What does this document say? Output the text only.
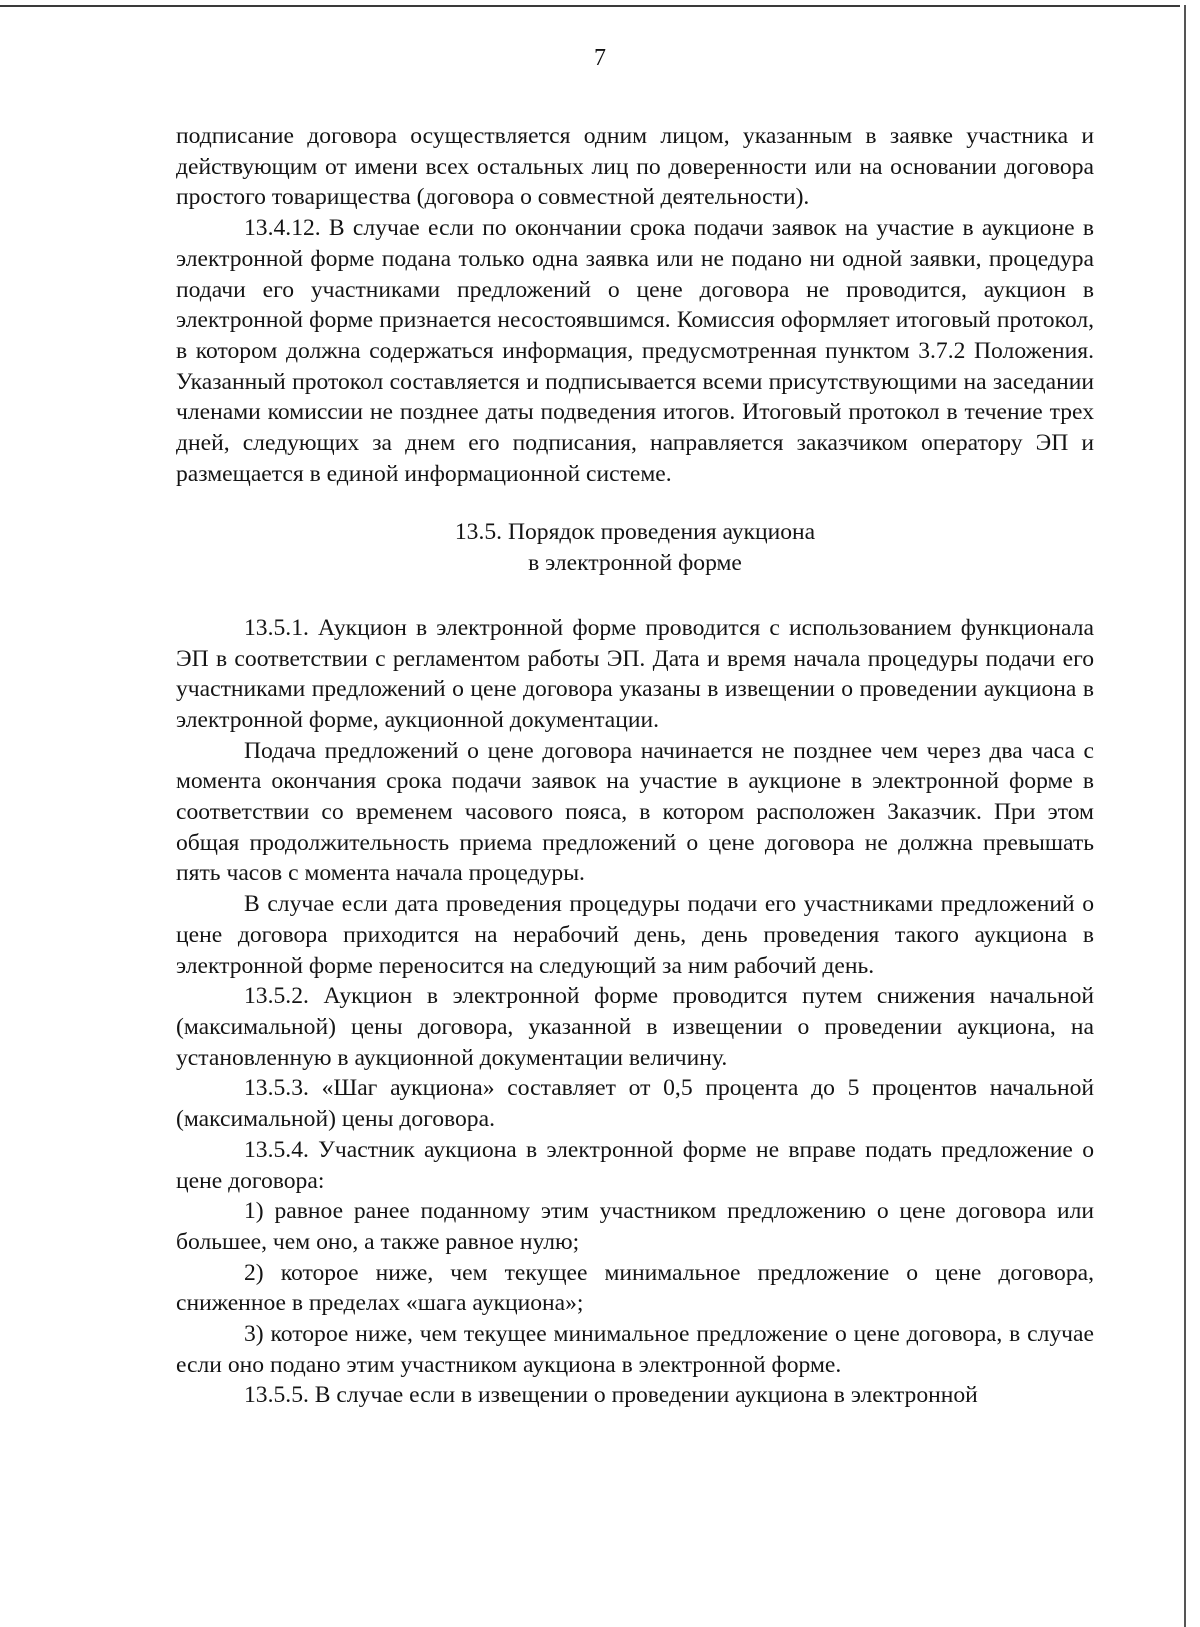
7

подписание договора осуществляется одним лицом, указанным в заявке участника и действующим от имени всех остальных лиц по доверенности или на основании договора простого товарищества (договора о совместной деятельности).

13.4.12. В случае если по окончании срока подачи заявок на участие в аукционе в электронной форме подана только одна заявка или не подано ни одной заявки, процедура подачи его участниками предложений о цене договора не проводится, аукцион в электронной форме признается несостоявшимся. Комиссия оформляет итоговый протокол, в котором должна содержаться информация, предусмотренная пунктом 3.7.2 Положения. Указанный протокол составляется и подписывается всеми присутствующими на заседании членами комиссии не позднее даты подведения итогов. Итоговый протокол в течение трех дней, следующих за днем его подписания, направляется заказчиком оператору ЭП и размещается в единой информационной системе.

13.5. Порядок проведения аукциона
в электронной форме

13.5.1. Аукцион в электронной форме проводится с использованием функционала ЭП в соответствии с регламентом работы ЭП. Дата и время начала процедуры подачи его участниками предложений о цене договора указаны в извещении о проведении аукциона в электронной форме, аукционной документации.

Подача предложений о цене договора начинается не позднее чем через два часа с момента окончания срока подачи заявок на участие в аукционе в электронной форме в соответствии со временем часового пояса, в котором расположен Заказчик. При этом общая продолжительность приема предложений о цене договора не должна превышать пять часов с момента начала процедуры.

В случае если дата проведения процедуры подачи его участниками предложений о цене договора приходится на нерабочий день, день проведения такого аукциона в электронной форме переносится на следующий за ним рабочий день.

13.5.2. Аукцион в электронной форме проводится путем снижения начальной (максимальной) цены договора, указанной в извещении о проведении аукциона, на установленную в аукционной документации величину.

13.5.3. «Шаг аукциона» составляет от 0,5 процента до 5 процентов начальной (максимальной) цены договора.

13.5.4. Участник аукциона в электронной форме не вправе подать предложение о цене договора:

1) равное ранее поданному этим участником предложению о цене договора или большее, чем оно, а также равное нулю;

2) которое ниже, чем текущее минимальное предложение о цене договора, сниженное в пределах «шага аукциона»;

3) которое ниже, чем текущее минимальное предложение о цене договора, в случае если оно подано этим участником аукциона в электронной форме.

13.5.5. В случае если в извещении о проведении аукциона в электронной
